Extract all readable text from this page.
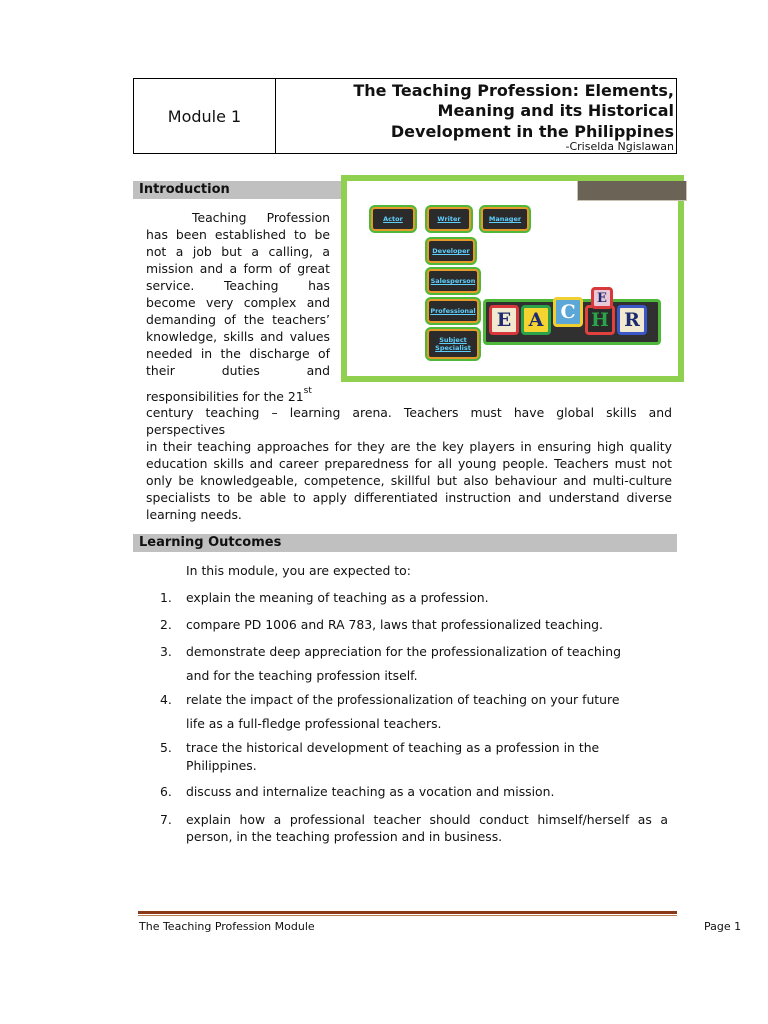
Module 1
The Teaching Profession: Elements,
Meaning and its Historical
Development in the Philippines
-Criselda Ngislawan
Introduction
Teaching Profession
has been established to be
not a job but a calling, a
mission and a form of great
service. Teaching has
become very complex and
demanding of the teachers’
knowledge, skills and values
needed in the discharge of
their duties and
responsibilities for the 21st
century teaching – learning arena. Teachers must have global skills and perspectives
in their teaching approaches for they are the key players in ensuring high quality
education skills and career preparedness for all young people. Teachers must not
only be knowledgeable, competence, skillful but also behaviour and multi-culture
specialists to be able to apply differentiated instruction and understand diverse
learning needs.
Actor	Writer	Manager
Developer
Salesperson
Professional
Subject Specialist
E A C H
E
R
Learning Outcomes
In this module, you are expected to:
1. explain the meaning of teaching as a profession.
2. compare PD 1006 and RA 783, laws that professionalized teaching.
3. demonstrate deep appreciation for the professionalization of teaching
and for the teaching profession itself.
4. relate the impact of the professionalization of teaching on your future
life as a full-fledge professional teachers.
5. trace the historical development of teaching as a profession in the
Philippines.
6. discuss and internalize teaching as a vocation and mission.
7. explain how a professional teacher should conduct himself/herself as a
person, in the teaching profession and in business.
The Teaching Profession Module	Page 1
